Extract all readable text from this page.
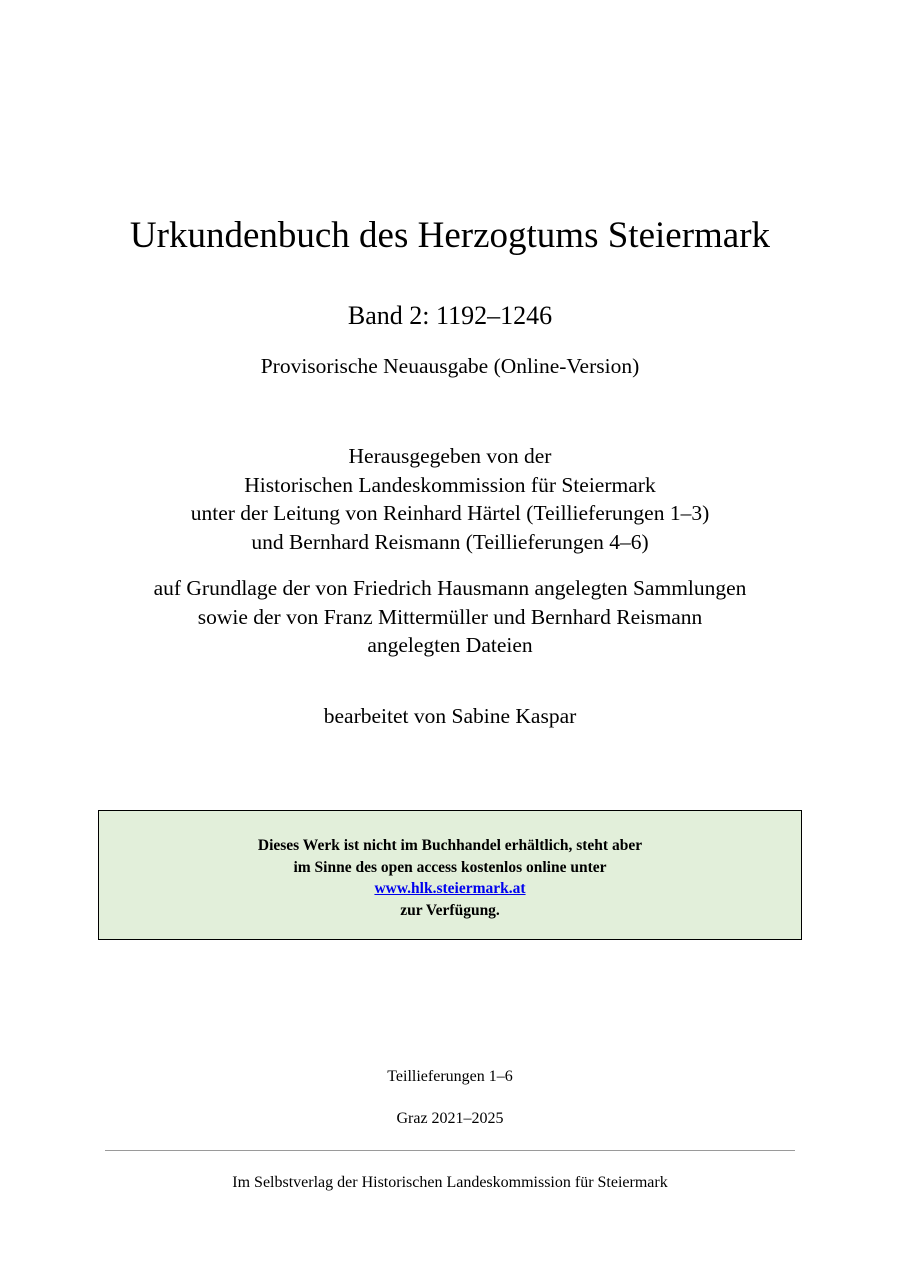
Urkundenbuch des Herzogtums Steiermark
Band 2: 1192–1246
Provisorische Neuausgabe (Online-Version)
Herausgegeben von der
Historischen Landeskommission für Steiermark
unter der Leitung von Reinhard Härtel (Teillieferungen 1–3)
und Bernhard Reismann (Teillieferungen 4–6)
auf Grundlage der von Friedrich Hausmann angelegten Sammlungen
sowie der von Franz Mittermüller und Bernhard Reismann
angelegten Dateien
bearbeitet von Sabine Kaspar
Dieses Werk ist nicht im Buchhandel erhältlich, steht aber
im Sinne des open access kostenlos online unter
www.hlk.steiermark.at
zur Verfügung.
Teillieferungen 1–6
Graz 2021–2025
Im Selbstverlag der Historischen Landeskommission für Steiermark
